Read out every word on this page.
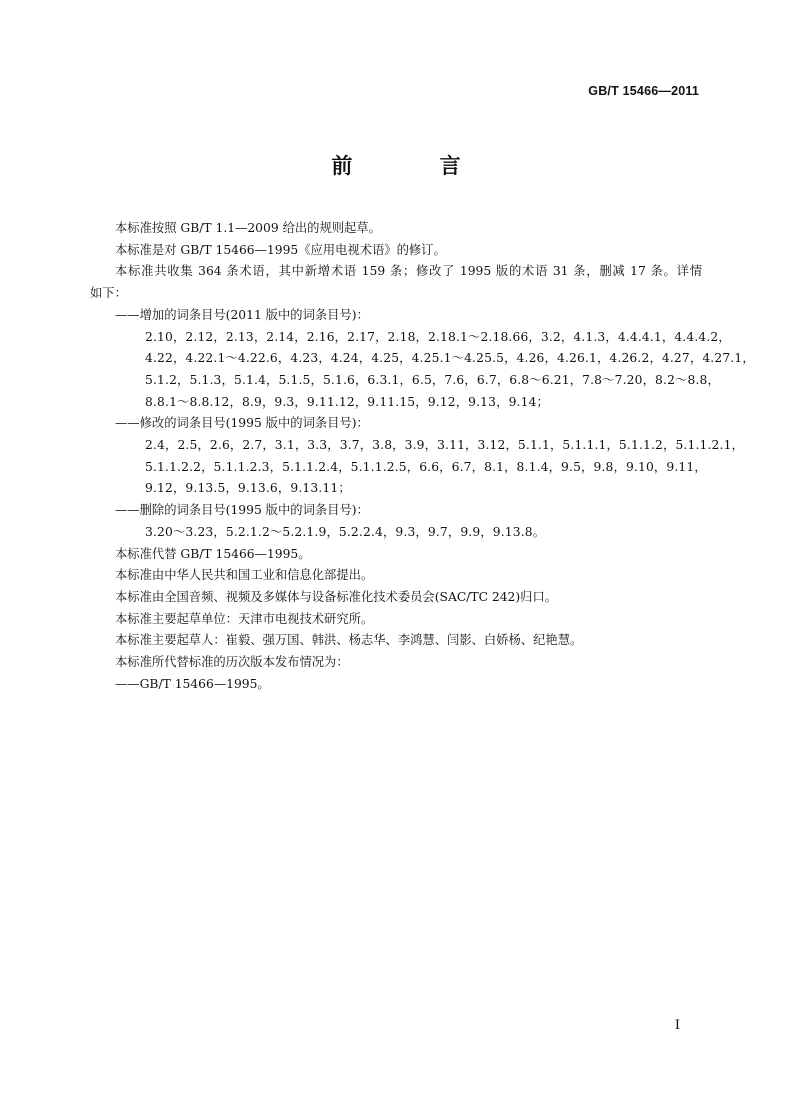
GB/T 15466—2011
前 言
本标准按照 GB/T 1.1—2009 给出的规则起草。
本标准是对 GB/T 15466—1995《应用电视术语》的修订。
本标准共收集 364 条术语，其中新增术语 159 条；修改了 1995 版的术语 31 条，删减 17 条。详情
如下：
——增加的词条目号(2011 版中的词条目号)：
2.10，2.12，2.13，2.14，2.16，2.17，2.18，2.18.1～2.18.66，3.2，4.1.3，4.4.4.1，4.4.4.2，
4.22，4.22.1～4.22.6，4.23，4.24，4.25，4.25.1～4.25.5，4.26，4.26.1，4.26.2，4.27，4.27.1，
5.1.2，5.1.3，5.1.4，5.1.5，5.1.6，6.3.1，6.5，7.6，6.7，6.8～6.21，7.8～7.20，8.2～8.8，
8.8.1～8.8.12，8.9，9.3，9.11.12，9.11.15，9.12，9.13，9.14；
——修改的词条目号(1995 版中的词条目号)：
2.4，2.5，2.6，2.7，3.1，3.3，3.7，3.8，3.9，3.11，3.12，5.1.1，5.1.1.1，5.1.1.2，5.1.1.2.1，
5.1.1.2.2，5.1.1.2.3，5.1.1.2.4，5.1.1.2.5，6.6，6.7，8.1，8.1.4，9.5，9.8，9.10，9.11，
9.12，9.13.5，9.13.6，9.13.11；
——删除的词条目号(1995 版中的词条目号)：
3.20～3.23，5.2.1.2～5.2.1.9，5.2.2.4，9.3，9.7，9.9，9.13.8。
本标准代替 GB/T 15466—1995。
本标准由中华人民共和国工业和信息化部提出。
本标准由全国音频、视频及多媒体与设备标准化技术委员会(SAC/TC 242)归口。
本标准主要起草单位：天津市电视技术研究所。
本标准主要起草人：崔毅、强万国、韩洪、杨志华、李鸿慧、闫影、白娇杨、纪艳慧。
本标准所代替标准的历次版本发布情况为：
——GB/T 15466—1995。
I
